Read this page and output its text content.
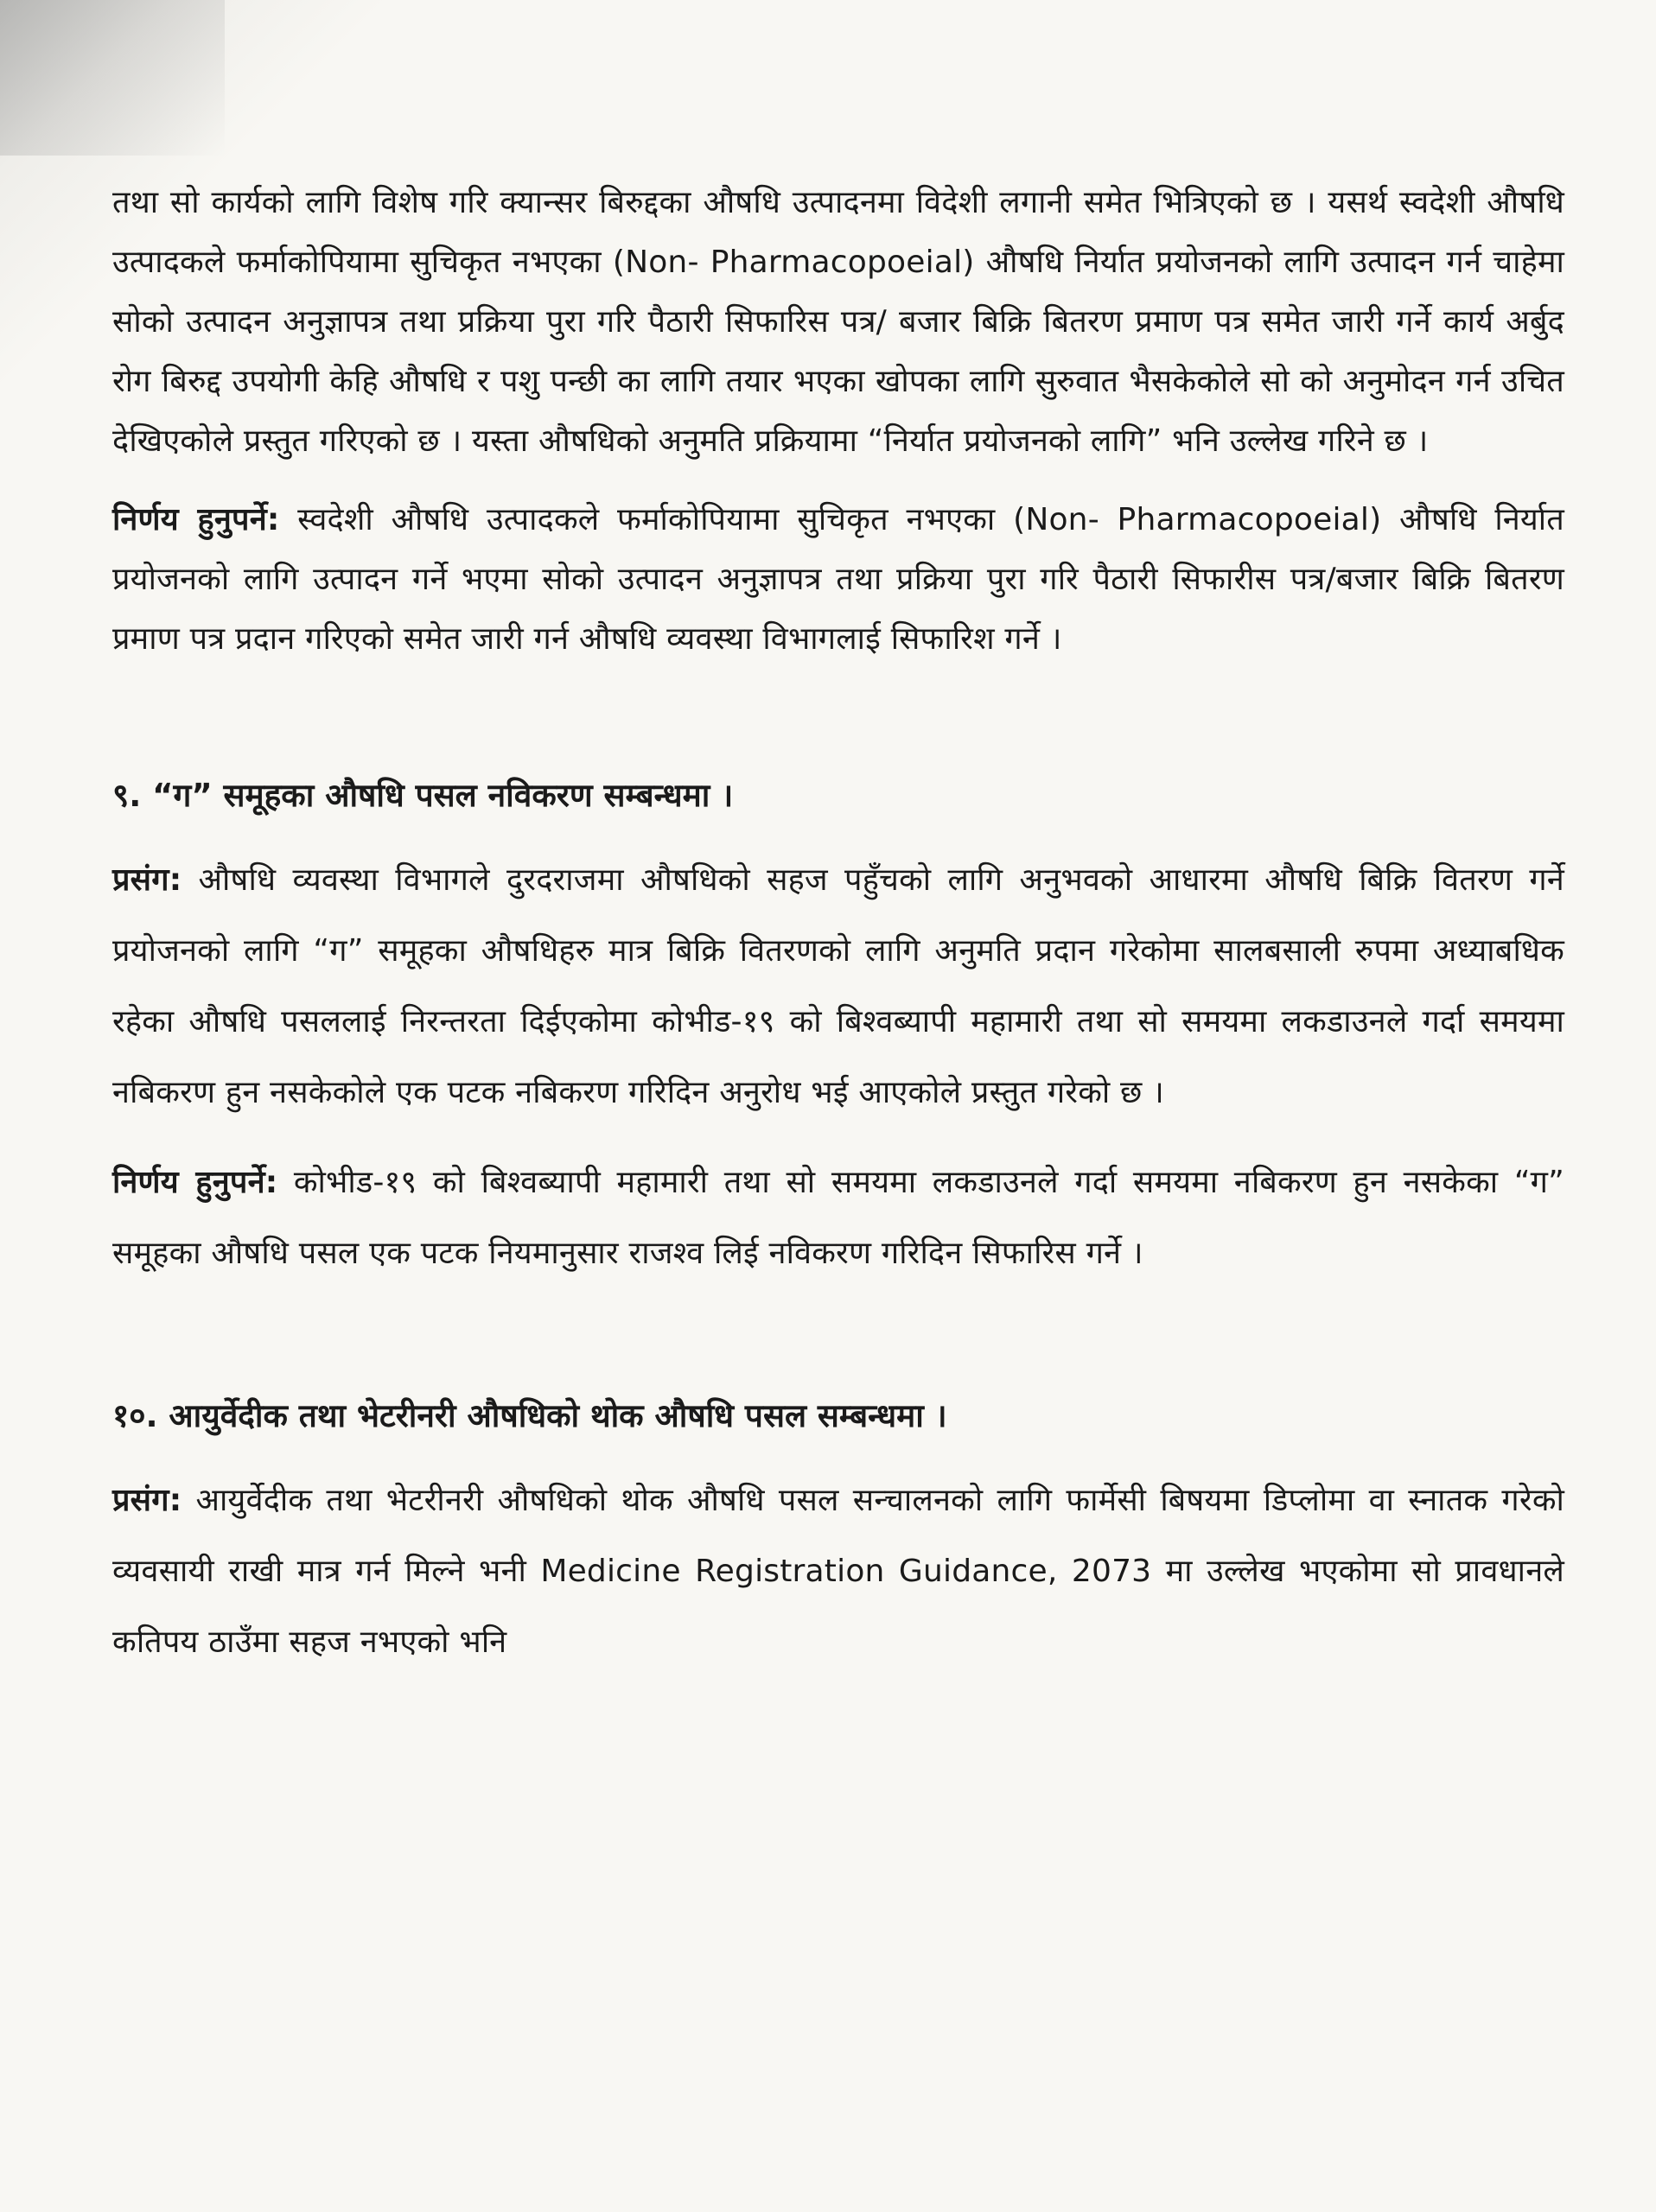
तथा सो कार्यको लागि विशेष गरि क्यान्सर बिरुद्दका औषधि उत्पादनमा विदेशी लगानी समेत भित्रिएको छ । यसर्थ स्वदेशी औषधि उत्पादकले फर्माकोपियामा सुचिकृत नभएका (Non- Pharmacopoeial) औषधि निर्यात प्रयोजनको लागि उत्पादन गर्न चाहेमा सोको उत्पादन अनुज्ञापत्र तथा प्रक्रिया पुरा गरि पैठारी सिफारिस पत्र/ बजार बिक्रि बितरण प्रमाण पत्र समेत जारी गर्ने कार्य अर्बुद रोग बिरुद्द उपयोगी केहि औषधि र पशु पन्छी का लागि तयार भएका खोपका लागि सुरुवात भैसकेकोले सो को अनुमोदन गर्न उचित देखिएकोले प्रस्तुत गरिएको छ । यस्ता औषधिको अनुमति प्रक्रियामा “निर्यात प्रयोजनको लागि” भनि उल्लेख गरिने छ ।

निर्णय हुनुपर्ने: स्वदेशी औषधि उत्पादकले फर्माकोपियामा सुचिकृत नभएका (Non- Pharmacopoeial) औषधि निर्यात प्रयोजनको लागि उत्पादन गर्ने भएमा सोको उत्पादन अनुज्ञापत्र तथा प्रक्रिया पुरा गरि पैठारी सिफारीस पत्र/बजार बिक्रि बितरण प्रमाण पत्र प्रदान गरिएको समेत जारी गर्न औषधि व्यवस्था विभागलाई सिफारिश गर्ने ।

९. “ग” समूहका औषधि पसल नविकरण सम्बन्धमा ।

प्रसंग: औषधि व्यवस्था विभागले दुरदराजमा औषधिको सहज पहुँचको लागि अनुभवको आधारमा औषधि बिक्रि वितरण गर्ने प्रयोजनको लागि “ग” समूहका औषधिहरु मात्र बिक्रि वितरणको लागि अनुमति प्रदान गरेकोमा सालबसाली रुपमा अध्याबधिक रहेका औषधि पसललाई निरन्तरता दिईएकोमा कोभीड-१९ को बिश्वब्यापी महामारी तथा सो समयमा लकडाउनले गर्दा समयमा नबिकरण हुन नसकेकोले एक पटक नबिकरण गरिदिन अनुरोध भई आएकोले प्रस्तुत गरेको छ ।

निर्णय हुनुपर्ने: कोभीड-१९ को बिश्वब्यापी महामारी तथा सो समयमा लकडाउनले गर्दा समयमा नबिकरण हुन नसकेका “ग” समूहका औषधि पसल एक पटक नियमानुसार राजश्व लिई नविकरण गरिदिन सिफारिस गर्ने ।

१०. आयुर्वेदीक तथा भेटरीनरी औषधिको थोक औषधि पसल सम्बन्धमा ।

प्रसंग: आयुर्वेदीक तथा भेटरीनरी औषधिको थोक औषधि पसल सन्चालनको लागि फार्मेसी बिषयमा डिप्लोमा वा स्नातक गरेको व्यवसायी राखी मात्र गर्न मिल्ने भनी Medicine Registration Guidance, 2073 मा उल्लेख भएकोमा सो प्रावधानले कतिपय ठाउँमा सहज नभएको भनि
